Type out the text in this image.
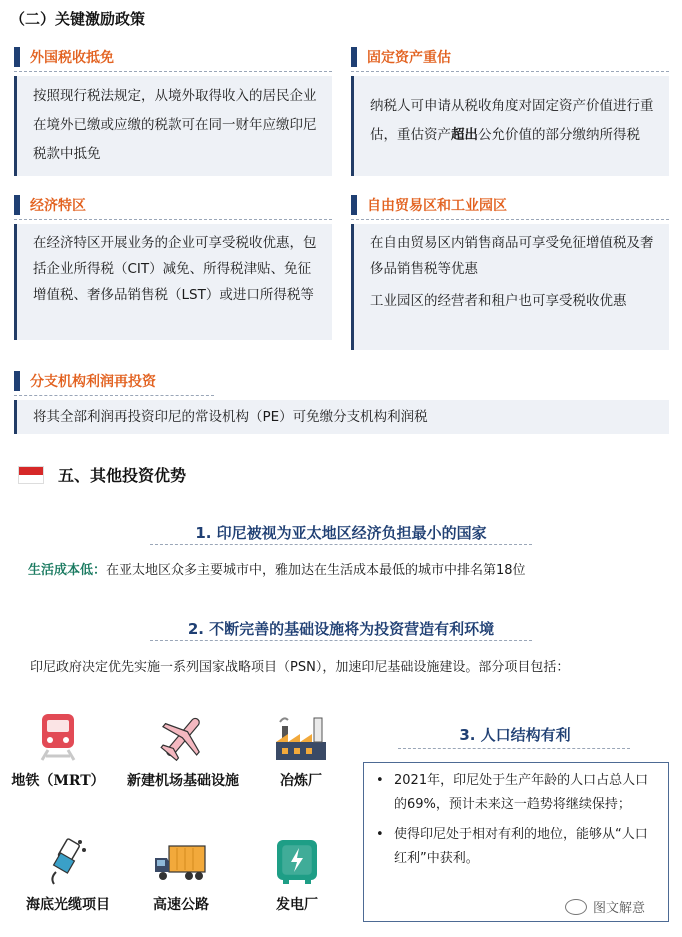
（二）关键激励政策
外国税收抵免
按照现行税法规定，从境外取得收入的居民企业在境外已缴或应缴的税款可在同一财年应缴印尼税款中抵免
固定资产重估
纳税人可申请从税收角度对固定资产价值进行重估，重估资产超出公允价值的部分缴纳所得税
经济特区
在经济特区开展业务的企业可享受税收优惠，包括企业所得税（CIT）减免、所得税津贴、免征增值税、奢侈品销售税（LST）或进口所得税等
自由贸易区和工业园区
在自由贸易区内销售商品可享受免征增值税及奢侈品销售税等优惠
工业园区的经营者和租户也可享受税收优惠
分支机构利润再投资
将其全部利润再投资印尼的常设机构（PE）可免缴分支机构利润税
五、其他投资优势
1. 印尼被视为亚太地区经济负担最小的国家
生活成本低：在亚太地区众多主要城市中，雅加达在生活成本最低的城市中排名第18位
2. 不断完善的基础设施将为投资营造有利环境
印尼政府决定优先实施一系列国家战略项目（PSN），加速印尼基础设施建设。部分项目包括：
地铁（MRT）	新建机场基础设施	冶炼厂
海底光缆项目	高速公路	发电厂
3. 人口结构有利
• 2021年，印尼处于生产年龄的人口占总人口的69%，预计未来这一趋势将继续保持；
• 使得印尼处于相对有利的地位，能够从“人口红利”中获利。
图文解意
